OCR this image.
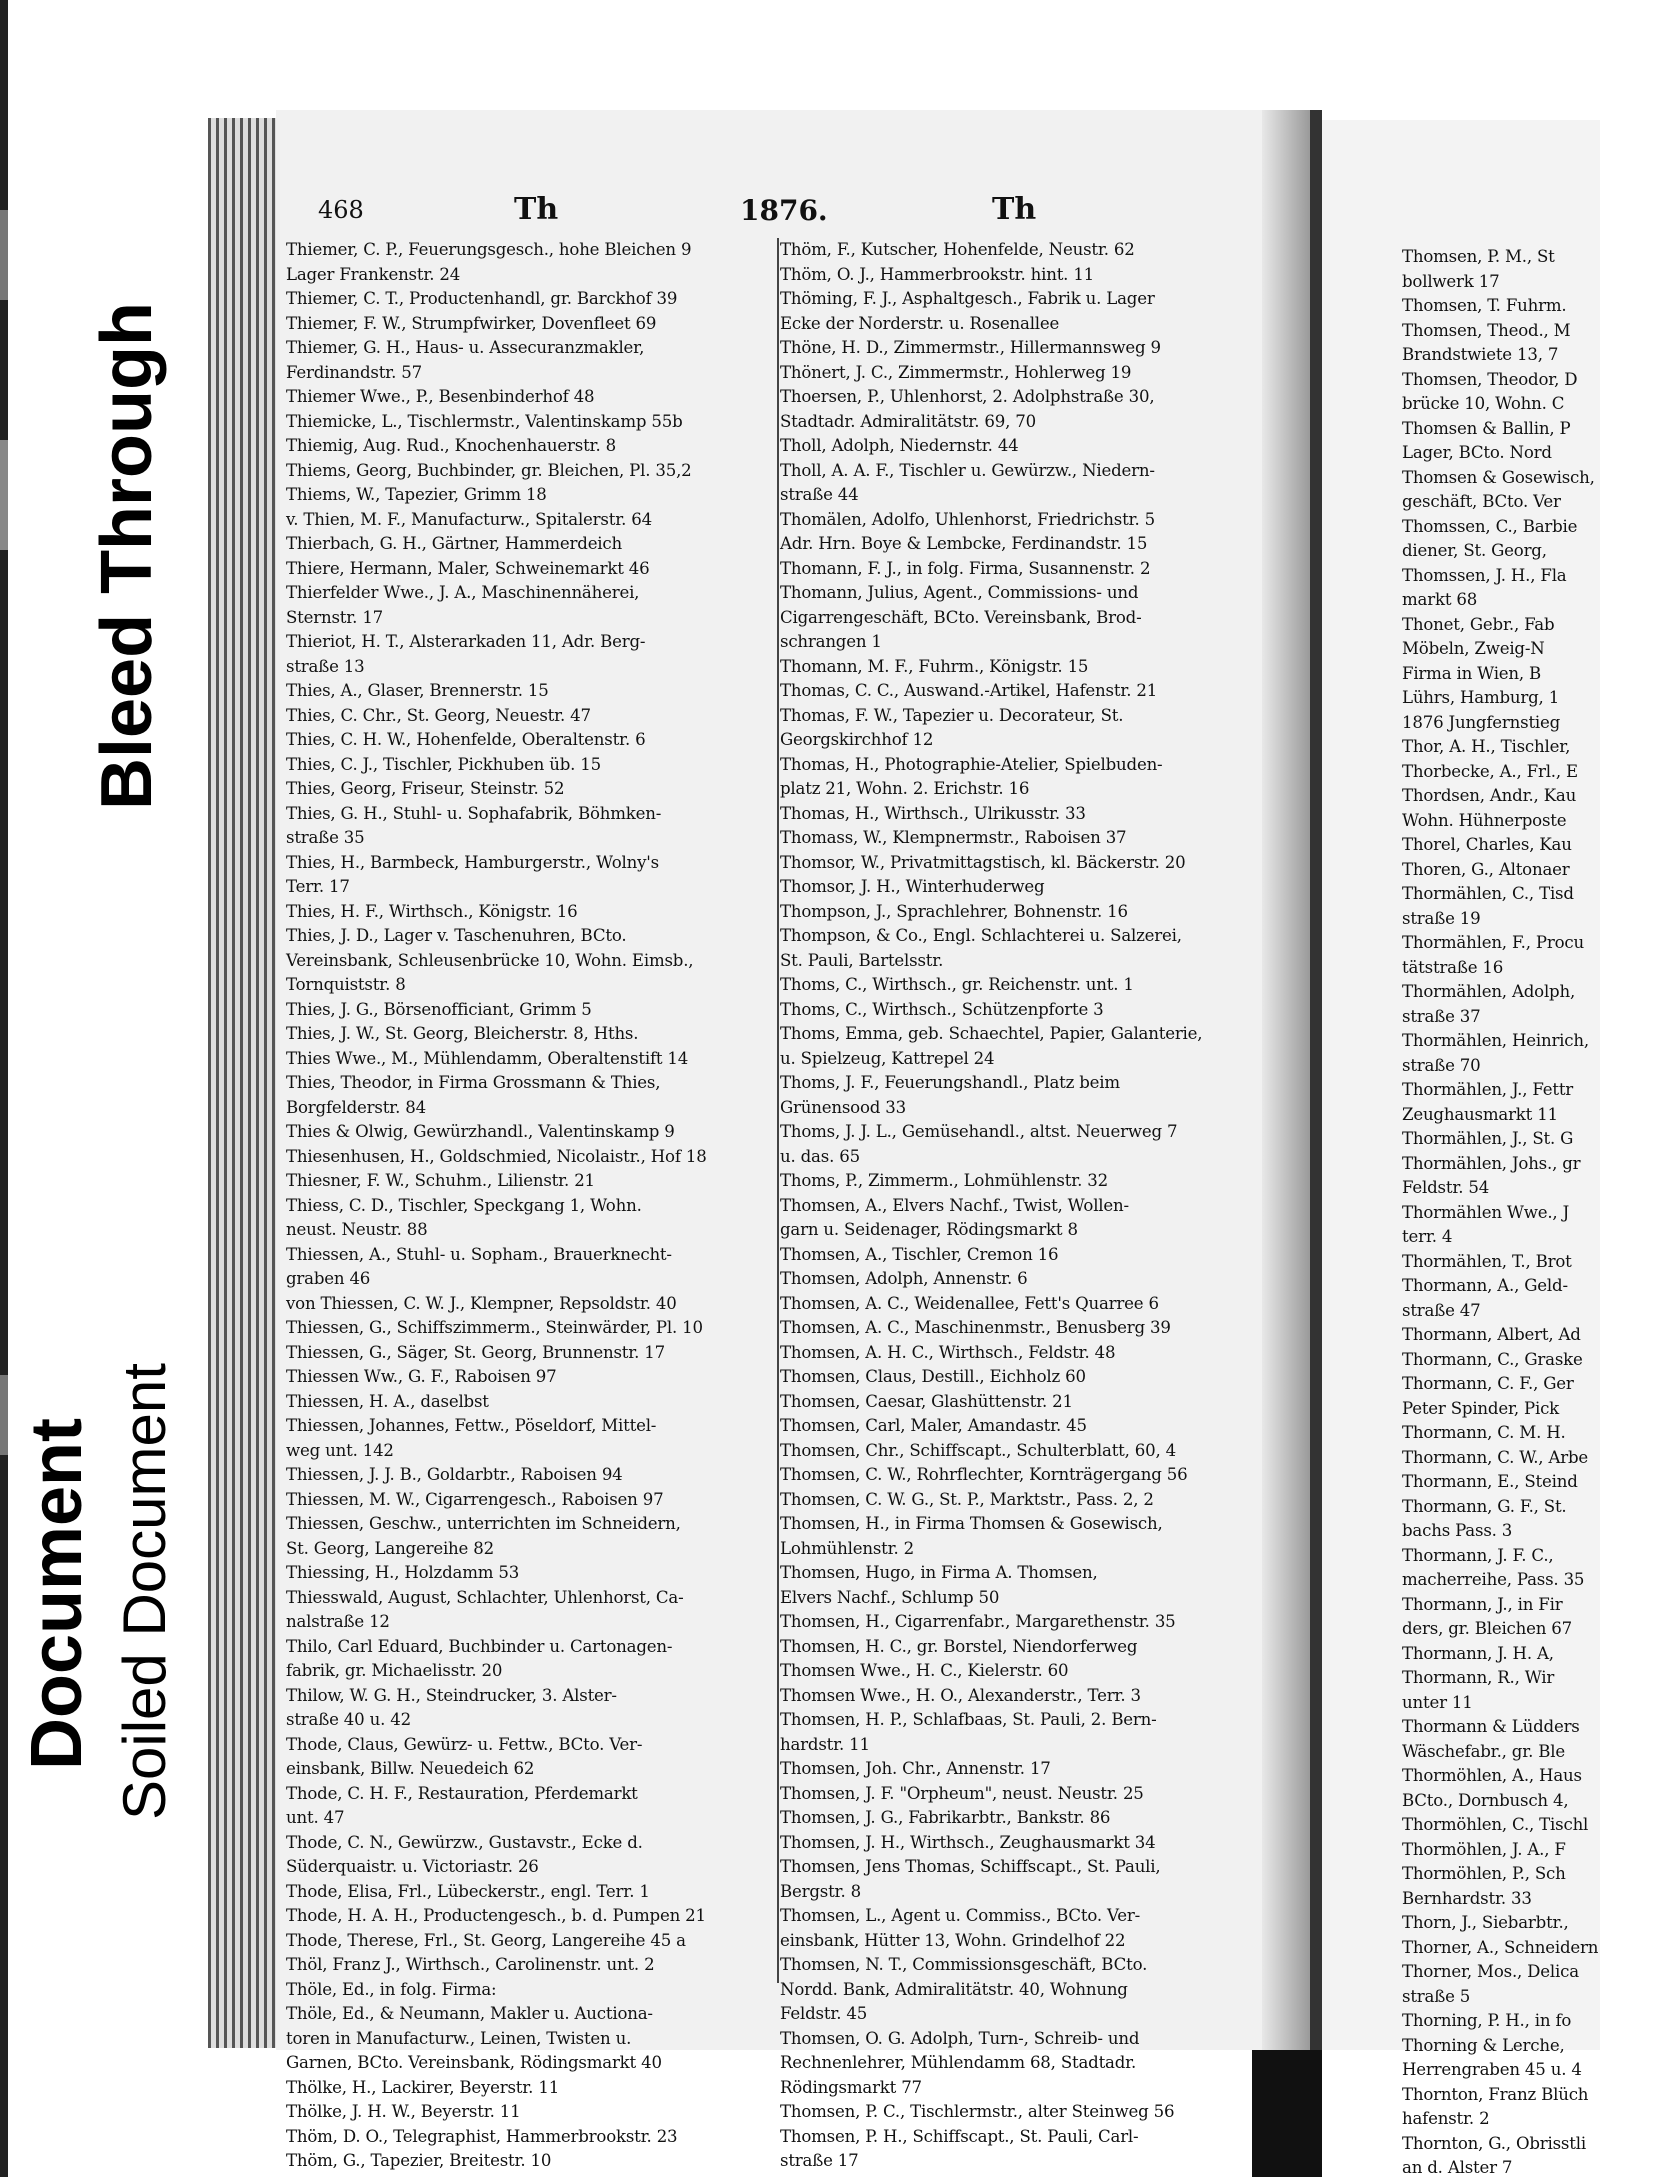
Bleed Through
Document Soiled Document
Thomsen, P. M., St
bollwerk 17
Thomsen, T. Fuhrm.
Thomsen, Theod., M
Brandstwiete 13, 7
Thomsen, Theodor, D
brücke 10, Wohn. C
Thomsen & Ballin, P
Lager, BCto. Nord
Thomsen & Gosewisch,
geschäft, BCto. Ver
Thomssen, C., Barbie
diener, St. Georg,
Thomssen, J. H., Fla
markt 68
Thonet, Gebr., Fab
Möbeln, Zweig-N
Firma in Wien, B
Lührs, Hamburg, 1
1876 Jungfernstieg
Thor, A. H., Tischler,
Thorbecke, A., Frl., E
Thordsen, Andr., Kau
Wohn. Hühnerposte
Thorel, Charles, Kau
Thoren, G., Altonaer
Thormählen, C., Tisd
straße 19
Thormählen, F., Procu
tätstraße 16
Thormählen, Adolph,
straße 37
Thormählen, Heinrich,
straße 70
Thormählen, J., Fettr
Zeughausmarkt 11
Thormählen, J., St. G
Thormählen, Johs., gr
Feldstr. 54
Thormählen Wwe., J
terr. 4
Thormählen, T., Brot
Thormann, A., Geld-
straße 47
Thormann, Albert, Ad
Thormann, C., Graske
Thormann, C. F., Ger
Peter Spinder, Pick
Thormann, C. M. H.
Thormann, C. W., Arbe
Thormann, E., Steind
Thormann, G. F., St.
bachs Pass. 3
Thormann, J. F. C.,
macherreihe, Pass. 35
Thormann, J., in Fir
ders, gr. Bleichen 67
Thormann, J. H. A,
Thormann, R., Wir
unter 11
Thormann & Lüdders
Wäschefabr., gr. Ble
Thormöhlen, A., Haus
BCto., Dornbusch 4,
Thormöhlen, C., Tischl
Thormöhlen, J. A., F
Thormöhlen, P., Sch
Bernhardstr. 33
Thorn, J., Siebarbtr.,
Thorner, A., Schneidern
Thorner, Mos., Delica
straße 5
Thorning, P. H., in fo
Thorning & Lerche,
Herrengraben 45 u. 4
Thornton, Franz Blüch
hafenstr. 2
Thornton, G., Obrisstli
an d. Alster 7
468	Th	1876.	Th
Thiemer, C. P., Feuerungsgesch., hohe Bleichen 9
Lager Frankenstr. 24
Thiemer, C. T., Productenhandl, gr. Barckhof 39
Thiemer, F. W., Strumpfwirker, Dovenfleet 69
Thiemer, G. H., Haus- u. Assecuranzmakler,
Ferdinandstr. 57
Thiemer Wwe., P., Besenbinderhof 48
Thiemicke, L., Tischlermstr., Valentinskamp 55b
Thiemig, Aug. Rud., Knochenhauerstr. 8
Thiems, Georg, Buchbinder, gr. Bleichen, Pl. 35,2
Thiems, W., Tapezier, Grimm 18
v. Thien, M. F., Manufacturw., Spitalerstr. 64
Thierbach, G. H., Gärtner, Hammerdeich
Thiere, Hermann, Maler, Schweinemarkt 46
Thierfelder Wwe., J. A., Maschinennäherei,
Sternstr. 17
Thieriot, H. T., Alsterarkaden 11, Adr. Berg-
straße 13
Thies, A., Glaser, Brennerstr. 15
Thies, C. Chr., St. Georg, Neuestr. 47
Thies, C. H. W., Hohenfelde, Oberaltenstr. 6
Thies, C. J., Tischler, Pickhuben üb. 15
Thies, Georg, Friseur, Steinstr. 52
Thies, G. H., Stuhl- u. Sophafabrik, Böhmken-
straße 35
Thies, H., Barmbeck, Hamburgerstr., Wolny's
Terr. 17
Thies, H. F., Wirthsch., Königstr. 16
Thies, J. D., Lager v. Taschenuhren, BCto.
Vereinsbank, Schleusenbrücke 10, Wohn. Eimsb.,
Tornquiststr. 8
Thies, J. G., Börsenofficiant, Grimm 5
Thies, J. W., St. Georg, Bleicherstr. 8, Hths.
Thies Wwe., M., Mühlendamm, Oberaltenstift 14
Thies, Theodor, in Firma Grossmann & Thies,
Borgfelderstr. 84
Thies & Olwig, Gewürzhandl., Valentinskamp 9
Thiesenhusen, H., Goldschmied, Nicolaistr., Hof 18
Thiesner, F. W., Schuhm., Lilienstr. 21
Thiess, C. D., Tischler, Speckgang 1, Wohn.
neust. Neustr. 88
Thiessen, A., Stuhl- u. Sopham., Brauerknecht-
graben 46
von Thiessen, C. W. J., Klempner, Repsoldstr. 40
Thiessen, G., Schiffszimmerm., Steinwärder, Pl. 10
Thiessen, G., Säger, St. Georg, Brunnenstr. 17
Thiessen Ww., G. F., Raboisen 97
Thiessen, H. A., daselbst
Thiessen, Johannes, Fettw., Pöseldorf, Mittel-
weg unt. 142
Thiessen, J. J. B., Goldarbtr., Raboisen 94
Thiessen, M. W., Cigarrengesch., Raboisen 97
Thiessen, Geschw., unterrichten im Schneidern,
St. Georg, Langereihe 82
Thiessing, H., Holzdamm 53
Thiesswald, August, Schlachter, Uhlenhorst, Ca-
nalstraße 12
Thilo, Carl Eduard, Buchbinder u. Cartonagen-
fabrik, gr. Michaelisstr. 20
Thilow, W. G. H., Steindrucker, 3. Alster-
straße 40 u. 42
Thode, Claus, Gewürz- u. Fettw., BCto. Ver-
einsbank, Billw. Neuedeich 62
Thode, C. H. F., Restauration, Pferdemarkt
unt. 47
Thode, C. N., Gewürzw., Gustavstr., Ecke d.
Süderquaistr. u. Victoriastr. 26
Thode, Elisa, Frl., Lübeckerstr., engl. Terr. 1
Thode, H. A. H., Productengesch., b. d. Pumpen 21
Thode, Therese, Frl., St. Georg, Langereihe 45 a
Thöl, Franz J., Wirthsch., Carolinenstr. unt. 2
Thöle, Ed., in folg. Firma:
Thöle, Ed., & Neumann, Makler u. Auctiona-
toren in Manufacturw., Leinen, Twisten u.
Garnen, BCto. Vereinsbank, Rödingsmarkt 40
Thölke, H., Lackirer, Beyerstr. 11
Thölke, J. H. W., Beyerstr. 11
Thöm, D. O., Telegraphist, Hammerbrookstr. 23
Thöm, G., Tapezier, Breitestr. 10
Thöm, F., Kutscher, Hohenfelde, Neustr. 62
Thöm, O. J., Hammerbrookstr. hint. 11
Thöming, F. J., Asphaltgesch., Fabrik u. Lager
Ecke der Norderstr. u. Rosenallee
Thöne, H. D., Zimmermstr., Hillermannsweg 9
Thönert, J. C., Zimmermstr., Hohlerweg 19
Thoersen, P., Uhlenhorst, 2. Adolphstraße 30,
Stadtadr. Admiralitätstr. 69, 70
Tholl, Adolph, Niedernstr. 44
Tholl, A. A. F., Tischler u. Gewürzw., Niedern-
straße 44
Thomälen, Adolfo, Uhlenhorst, Friedrichstr. 5
Adr. Hrn. Boye & Lembcke, Ferdinandstr. 15
Thomann, F. J., in folg. Firma, Susannenstr. 2
Thomann, Julius, Agent., Commissions- und
Cigarrengeschäft, BCto. Vereinsbank, Brod-
schrangen 1
Thomann, M. F., Fuhrm., Königstr. 15
Thomas, C. C., Auswand.-Artikel, Hafenstr. 21
Thomas, F. W., Tapezier u. Decorateur, St.
Georgskirchhof 12
Thomas, H., Photographie-Atelier, Spielbuden-
platz 21, Wohn. 2. Erichstr. 16
Thomas, H., Wirthsch., Ulrikusstr. 33
Thomass, W., Klempnermstr., Raboisen 37
Thomsor, W., Privatmittagstisch, kl. Bäckerstr. 20
Thomsor, J. H., Winterhuderweg
Thompson, J., Sprachlehrer, Bohnenstr. 16
Thompson, & Co., Engl. Schlachterei u. Salzerei,
St. Pauli, Bartelsstr.
Thoms, C., Wirthsch., gr. Reichenstr. unt. 1
Thoms, C., Wirthsch., Schützenpforte 3
Thoms, Emma, geb. Schaechtel, Papier, Galanterie,
u. Spielzeug, Kattrepel 24
Thoms, J. F., Feuerungshandl., Platz beim
Grünensood 33
Thoms, J. J. L., Gemüsehandl., altst. Neuerweg 7
u. das. 65
Thoms, P., Zimmerm., Lohmühlenstr. 32
Thomsen, A., Elvers Nachf., Twist, Wollen-
garn u. Seidenager, Rödingsmarkt 8
Thomsen, A., Tischler, Cremon 16
Thomsen, Adolph, Annenstr. 6
Thomsen, A. C., Weidenallee, Fett's Quarree 6
Thomsen, A. C., Maschinenmstr., Benusberg 39
Thomsen, A. H. C., Wirthsch., Feldstr. 48
Thomsen, Claus, Destill., Eichholz 60
Thomsen, Caesar, Glashüttenstr. 21
Thomsen, Carl, Maler, Amandastr. 45
Thomsen, Chr., Schiffscapt., Schulterblatt, 60, 4
Thomsen, C. W., Rohrflechter, Kornträgergang 56
Thomsen, C. W. G., St. P., Marktstr., Pass. 2, 2
Thomsen, H., in Firma Thomsen & Gosewisch,
Lohmühlenstr. 2
Thomsen, Hugo, in Firma A. Thomsen,
Elvers Nachf., Schlump 50
Thomsen, H., Cigarrenfabr., Margarethenstr. 35
Thomsen, H. C., gr. Borstel, Niendorferweg
Thomsen Wwe., H. C., Kielerstr. 60
Thomsen Wwe., H. O., Alexanderstr., Terr. 3
Thomsen, H. P., Schlafbaas, St. Pauli, 2. Bern-
hardstr. 11
Thomsen, Joh. Chr., Annenstr. 17
Thomsen, J. F. "Orpheum", neust. Neustr. 25
Thomsen, J. G., Fabrikarbtr., Bankstr. 86
Thomsen, J. H., Wirthsch., Zeughausmarkt 34
Thomsen, Jens Thomas, Schiffscapt., St. Pauli,
Bergstr. 8
Thomsen, L., Agent u. Commiss., BCto. Ver-
einsbank, Hütter 13, Wohn. Grindelhof 22
Thomsen, N. T., Commissionsgeschäft, BCto.
Nordd. Bank, Admiralitätstr. 40, Wohnung
Feldstr. 45
Thomsen, O. G. Adolph, Turn-, Schreib- und
Rechnenlehrer, Mühlendamm 68, Stadtadr.
Rödingsmarkt 77
Thomsen, P. C., Tischlermstr., alter Steinweg 56
Thomsen, P. H., Schiffscapt., St. Pauli, Carl-
straße 17
